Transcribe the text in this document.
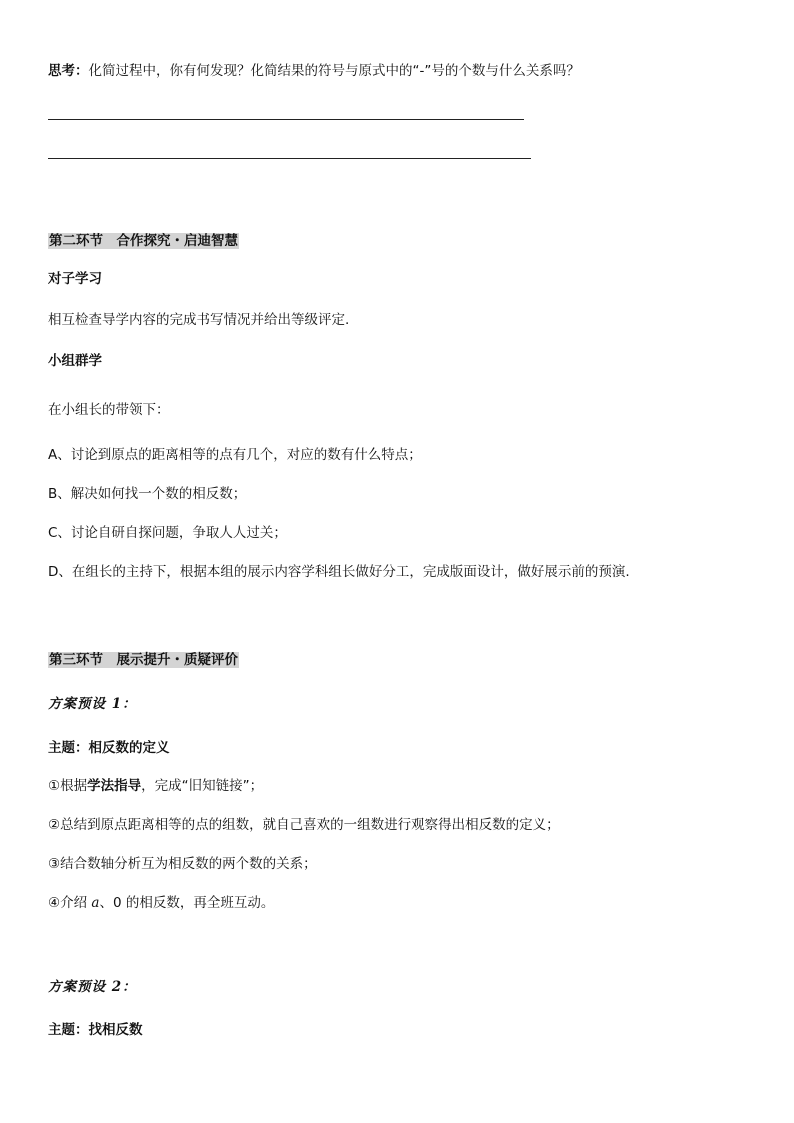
思考：化简过程中，你有何发现？化简结果的符号与原式中的“-”号的个数与什么关系吗？
第二环节　合作探究・启迪智慧
对子学习
相互检查导学内容的完成书写情况并给出等级评定.
小组群学
在小组长的带领下：
A、讨论到原点的距离相等的点有几个，对应的数有什么特点；
B、解决如何找一个数的相反数；
C、讨论自研自探问题，争取人人过关；
D、在组长的主持下，根据本组的展示内容学科组长做好分工，完成版面设计，做好展示前的预演.
第三环节　展示提升・质疑评价
方案预设 1：
主题：相反数的定义
①根据学法指导，完成“旧知链接”；
②总结到原点距离相等的点的组数，就自己喜欢的一组数进行观察得出相反数的定义；
③结合数轴分析互为相反数的两个数的关系；
④介绍 a、0 的相反数，再全班互动。
方案预设 2：
主题：找相反数
